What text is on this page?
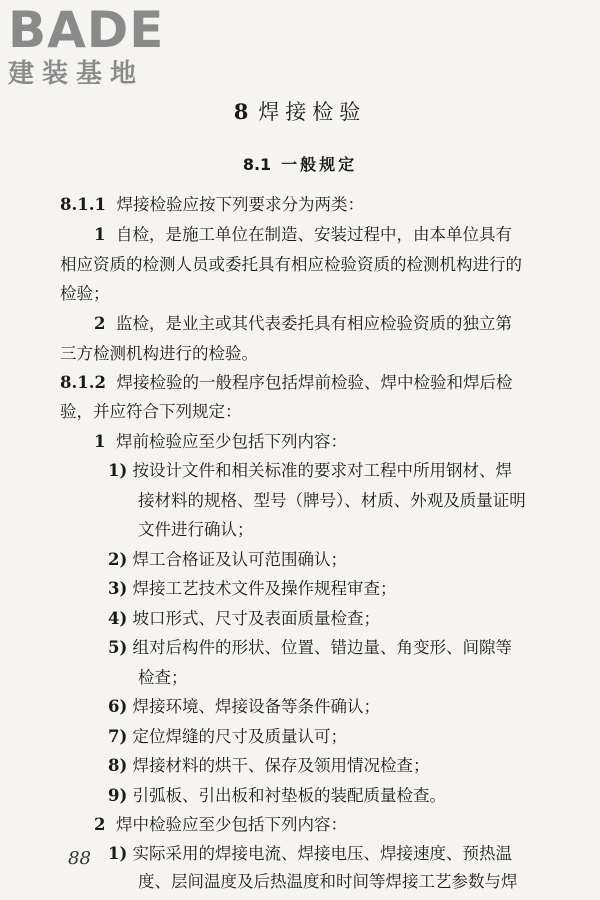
BADE
建装基地
8 焊接检验
8.1 一般规定
8.1.1 焊接检验应按下列要求分为两类：
1 自检，是施工单位在制造、安装过程中，由本单位具有
相应资质的检测人员或委托具有相应检验资质的检测机构进行的
检验；
2 监检，是业主或其代表委托具有相应检验资质的独立第
三方检测机构进行的检验。
8.1.2 焊接检验的一般程序包括焊前检验、焊中检验和焊后检
验，并应符合下列规定：
1 焊前检验应至少包括下列内容：
1) 按设计文件和相关标准的要求对工程中所用钢材、焊
接材料的规格、型号（牌号）、材质、外观及质量证明
文件进行确认；
2) 焊工合格证及认可范围确认；
3) 焊接工艺技术文件及操作规程审查；
4) 坡口形式、尺寸及表面质量检查；
5) 组对后构件的形状、位置、错边量、角变形、间隙等
检查；
6) 焊接环境、焊接设备等条件确认；
7) 定位焊缝的尺寸及质量认可；
8) 焊接材料的烘干、保存及领用情况检查；
9) 引弧板、引出板和衬垫板的装配质量检查。
2 焊中检验应至少包括下列内容：
1) 实际采用的焊接电流、焊接电压、焊接速度、预热温
度、层间温度及后热温度和时间等焊接工艺参数与焊
88
